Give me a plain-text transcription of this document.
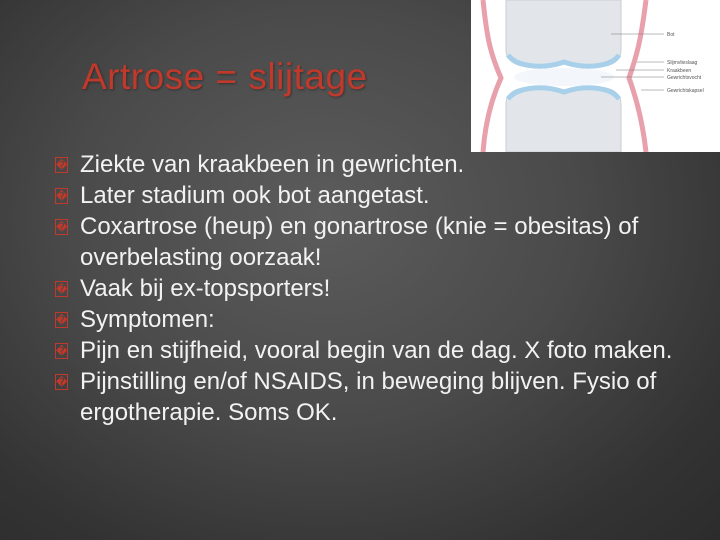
Artrose = slijtage
Bot
Slijmvlieslaag
Kraakbeen
Gewrichtsvocht
Gewrichtskapsel
� Ziekte van kraakbeen in gewrichten.
� Later stadium ook bot aangetast.
� Coxartrose (heup) en gonartrose (knie = obesitas) of overbelasting oorzaak!
� Vaak bij ex-topsporters!
� Symptomen:
� Pijn en stijfheid, vooral begin van de dag. X foto maken.
� Pijnstilling en/of NSAIDS, in beweging blijven. Fysio of ergotherapie. Soms OK.
